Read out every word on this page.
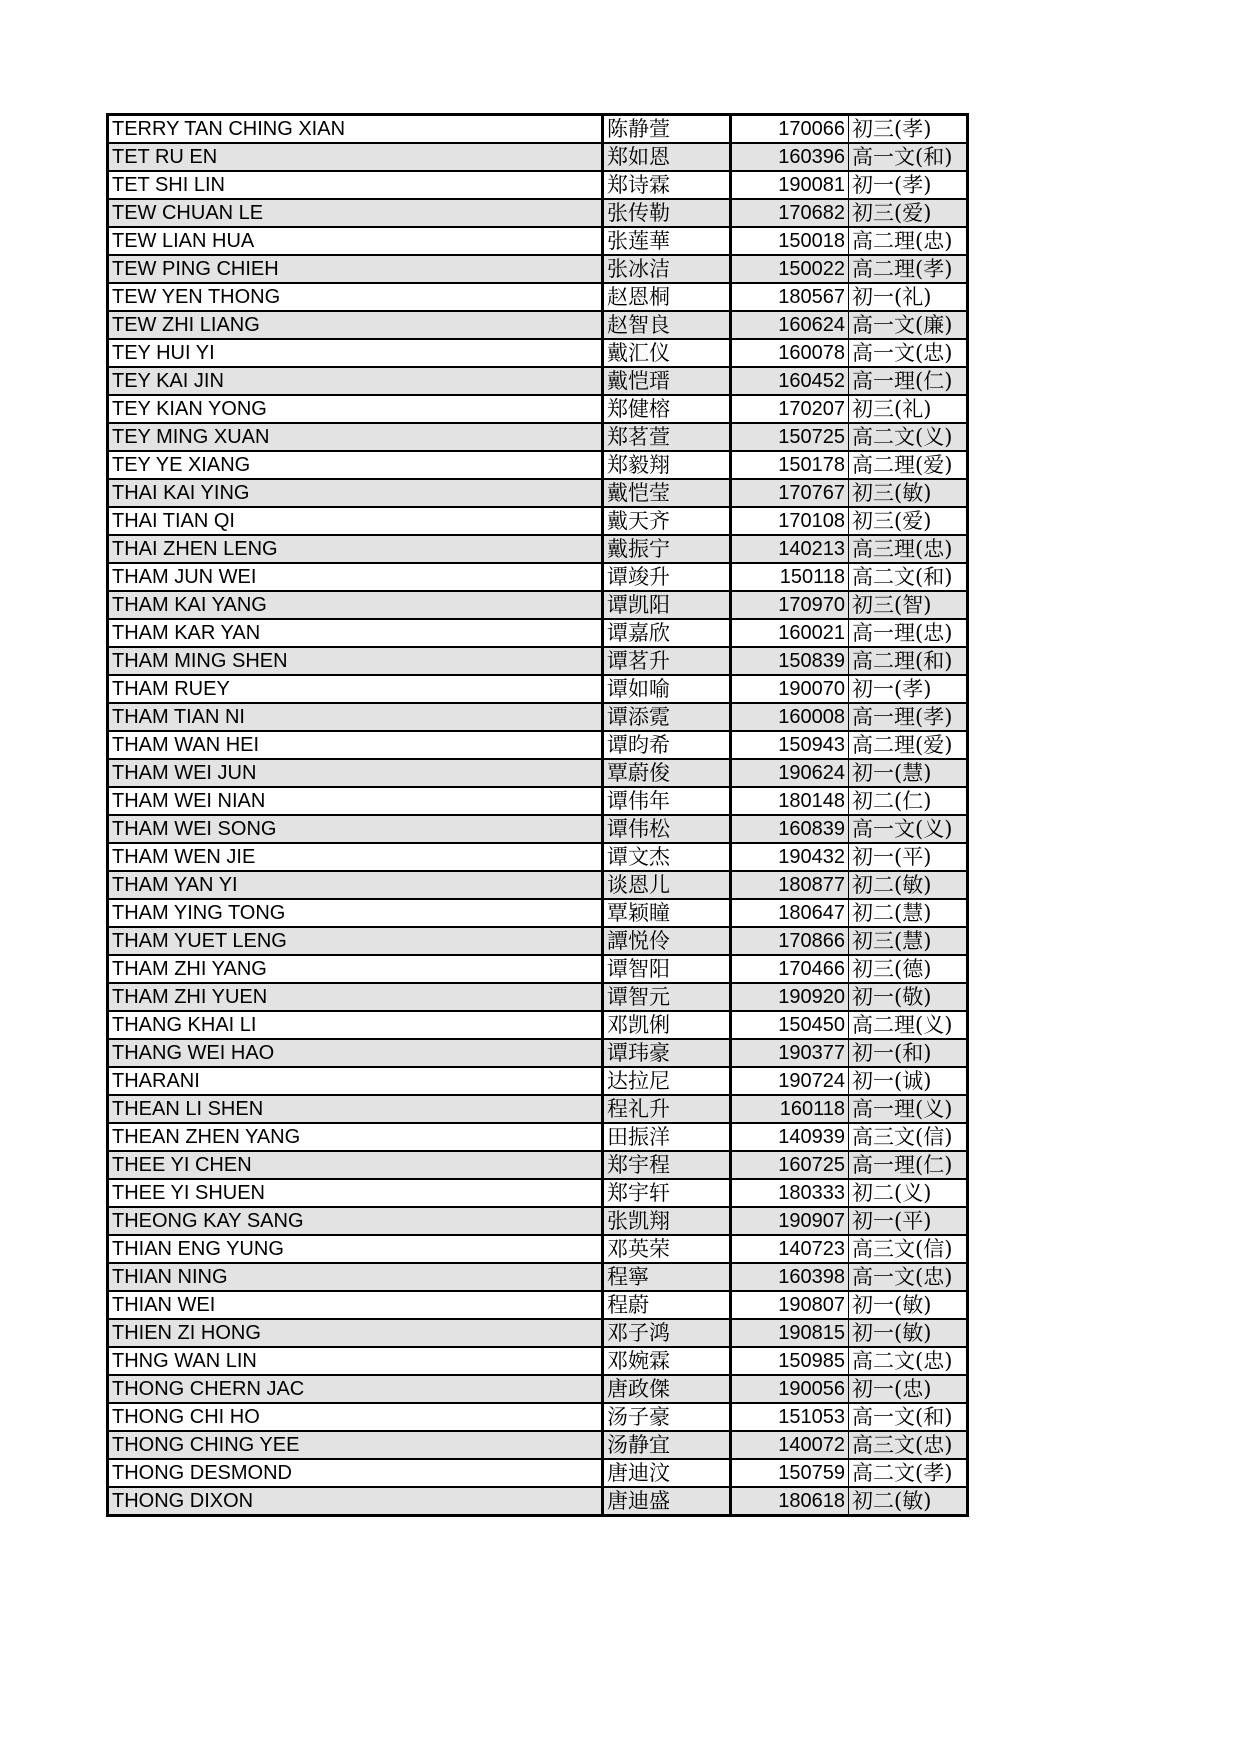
TERRY TAN CHING XIAN	陈静萱	170066	初三(孝)
TET RU EN	郑如恩	160396	高一文(和)
TET SHI LIN	郑诗霖	190081	初一(孝)
TEW CHUAN LE	张传勒	170682	初三(爱)
TEW LIAN HUA	张莲華	150018	高二理(忠)
TEW PING CHIEH	张冰洁	150022	高二理(孝)
TEW YEN THONG	赵恩桐	180567	初一(礼)
TEW ZHI LIANG	赵智良	160624	高一文(廉)
TEY HUI YI	戴汇仪	160078	高一文(忠)
TEY KAI JIN	戴恺瑨	160452	高一理(仁)
TEY KIAN YONG	郑健榕	170207	初三(礼)
TEY MING XUAN	郑茗萱	150725	高二文(义)
TEY YE XIANG	郑毅翔	150178	高二理(爱)
THAI KAI YING	戴恺莹	170767	初三(敏)
THAI TIAN QI	戴天齐	170108	初三(爱)
THAI ZHEN LENG	戴振宁	140213	高三理(忠)
THAM JUN WEI	谭竣升	150118	高二文(和)
THAM KAI YANG	谭凯阳	170970	初三(智)
THAM KAR YAN	谭嘉欣	160021	高一理(忠)
THAM MING SHEN	谭茗升	150839	高二理(和)
THAM RUEY	谭如喻	190070	初一(孝)
THAM TIAN NI	谭添霓	160008	高一理(孝)
THAM WAN HEI	谭昀希	150943	高二理(爱)
THAM WEI JUN	覃蔚俊	190624	初一(慧)
THAM WEI NIAN	谭伟年	180148	初二(仁)
THAM WEI SONG	谭伟松	160839	高一文(义)
THAM WEN JIE	谭文杰	190432	初一(平)
THAM YAN YI	谈恩儿	180877	初二(敏)
THAM YING TONG	覃颖瞳	180647	初二(慧)
THAM YUET LENG	譚悦伶	170866	初三(慧)
THAM ZHI YANG	谭智阳	170466	初三(德)
THAM ZHI YUEN	谭智元	190920	初一(敬)
THANG KHAI LI	邓凯俐	150450	高二理(义)
THANG WEI HAO	谭玮豪	190377	初一(和)
THARANI	达拉尼	190724	初一(诚)
THEAN LI SHEN	程礼升	160118	高一理(义)
THEAN ZHEN YANG	田振洋	140939	高三文(信)
THEE YI CHEN	郑宇程	160725	高一理(仁)
THEE YI SHUEN	郑宇轩	180333	初二(义)
THEONG KAY SANG	张凯翔	190907	初一(平)
THIAN ENG YUNG	邓英荣	140723	高三文(信)
THIAN NING	程寧	160398	高一文(忠)
THIAN WEI	程蔚	190807	初一(敏)
THIEN ZI HONG	邓子鸿	190815	初一(敏)
THNG WAN LIN	邓婉霖	150985	高二文(忠)
THONG CHERN JAC	唐政傑	190056	初一(忠)
THONG CHI HO	汤子豪	151053	高一文(和)
THONG CHING YEE	汤静宜	140072	高三文(忠)
THONG DESMOND	唐迪汶	150759	高二文(孝)
THONG DIXON	唐迪盛	180618	初二(敏)
